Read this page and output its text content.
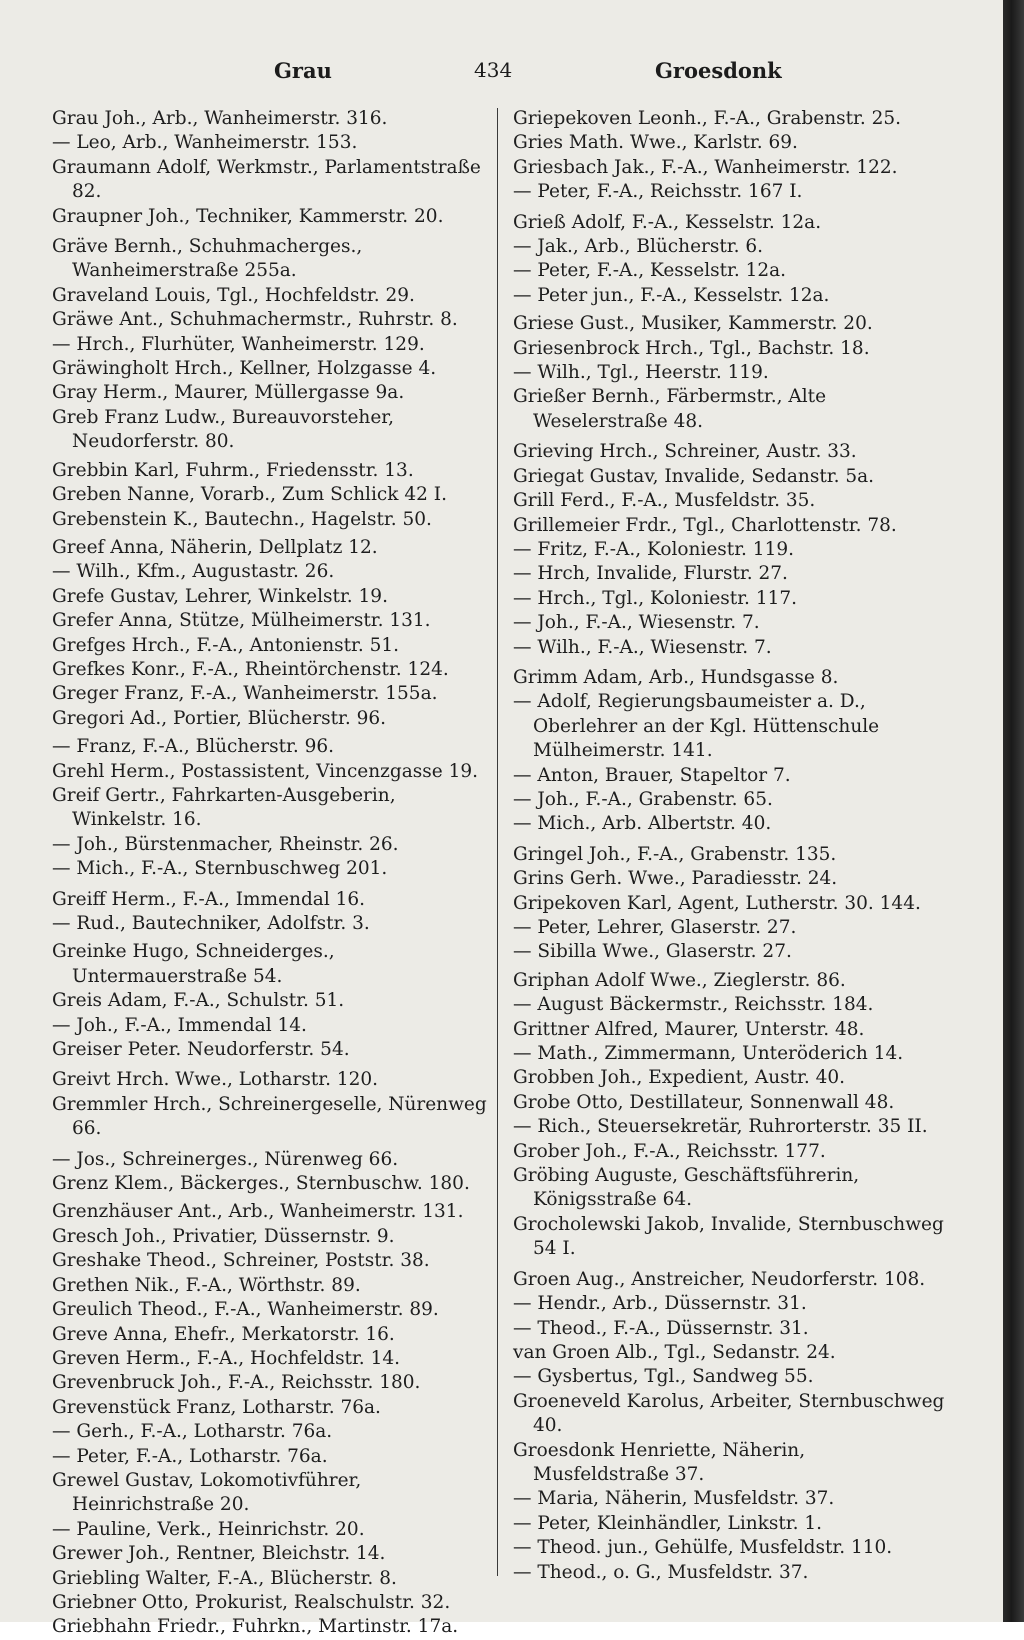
Grau	434	Groesdonk
Grau Joh., Arb., Wanheimerstr. 316.
— Leo, Arb., Wanheimerstr. 153.
Graumann Adolf, Werkmstr., Parlamentstraße 82.
Graupner Joh., Techniker, Kammerstr. 20.
Gräve Bernh., Schuhmacherges., Wanheimerstraße 255a.
Graveland Louis, Tgl., Hochfeldstr. 29.
Gräwe Ant., Schuhmachermstr., Ruhrstr. 8.
— Hrch., Flurhüter, Wanheimerstr. 129.
Gräwingholt Hrch., Kellner, Holzgasse 4.
Gray Herm., Maurer, Müllergasse 9a.
Greb Franz Ludw., Bureauvorsteher, Neudorferstr. 80.
Grebbin Karl, Fuhrm., Friedensstr. 13.
Greben Nanne, Vorarb., Zum Schlick 42 I.
Grebenstein K., Bautechn., Hagelstr. 50.
Greef Anna, Näherin, Dellplatz 12.
— Wilh., Kfm., Augustastr. 26.
Grefe Gustav, Lehrer, Winkelstr. 19.
Grefer Anna, Stütze, Mülheimerstr. 131.
Grefges Hrch., F.-A., Antonienstr. 51.
Grefkes Konr., F.-A., Rheintörchenstr. 124.
Greger Franz, F.-A., Wanheimerstr. 155a.
Gregori Ad., Portier, Blücherstr. 96.
— Franz, F.-A., Blücherstr. 96.
Grehl Herm., Postassistent, Vincenzgasse 19.
Greif Gertr., Fahrkarten-Ausgeberin, Winkelstr. 16.
— Joh., Bürstenmacher, Rheinstr. 26.
— Mich., F.-A., Sternbuschweg 201.
Greiff Herm., F.-A., Immendal 16.
— Rud., Bautechniker, Adolfstr. 3.
Greinke Hugo, Schneiderges., Untermauerstraße 54.
Greis Adam, F.-A., Schulstr. 51.
— Joh., F.-A., Immendal 14.
Greiser Peter. Neudorferstr. 54.
Greivt Hrch. Wwe., Lotharstr. 120.
Gremmler Hrch., Schreinergeselle, Nürenweg 66.
— Jos., Schreinerges., Nürenweg 66.
Grenz Klem., Bäckerges., Sternbuschw. 180.
Grenzhäuser Ant., Arb., Wanheimerstr. 131.
Gresch Joh., Privatier, Düssernstr. 9.
Greshake Theod., Schreiner, Poststr. 38.
Grethen Nik., F.-A., Wörthstr. 89.
Greulich Theod., F.-A., Wanheimerstr. 89.
Greve Anna, Ehefr., Merkatorstr. 16.
Greven Herm., F.-A., Hochfeldstr. 14.
Grevenbruck Joh., F.-A., Reichsstr. 180.
Grevenstück Franz, Lotharstr. 76a.
— Gerh., F.-A., Lotharstr. 76a.
— Peter, F.-A., Lotharstr. 76a.
Grewel Gustav, Lokomotivführer, Heinrichstraße 20.
— Pauline, Verk., Heinrichstr. 20.
Grewer Joh., Rentner, Bleichstr. 14.
Griebling Walter, F.-A., Blücherstr. 8.
Griebner Otto, Prokurist, Realschulstr. 32.
Griebhahn Friedr., Fuhrkn., Martinstr. 17a.
Griepekoven Leonh., F.-A., Grabenstr. 25.
Gries Math. Wwe., Karlstr. 69.
Griesbach Jak., F.-A., Wanheimerstr. 122.
— Peter, F.-A., Reichsstr. 167 I.
Grieß Adolf, F.-A., Kesselstr. 12a.
— Jak., Arb., Blücherstr. 6.
— Peter, F.-A., Kesselstr. 12a.
— Peter jun., F.-A., Kesselstr. 12a.
Griese Gust., Musiker, Kammerstr. 20.
Griesenbrock Hrch., Tgl., Bachstr. 18.
— Wilh., Tgl., Heerstr. 119.
Grießer Bernh., Färbermstr., Alte Weselerstraße 48.
Grieving Hrch., Schreiner, Austr. 33.
Griegat Gustav, Invalide, Sedanstr. 5a.
Grill Ferd., F.-A., Musfeldstr. 35.
Grillemeier Frdr., Tgl., Charlottenstr. 78.
— Fritz, F.-A., Koloniestr. 119.
— Hrch, Invalide, Flurstr. 27.
— Hrch., Tgl., Koloniestr. 117.
— Joh., F.-A., Wiesenstr. 7.
— Wilh., F.-A., Wiesenstr. 7.
Grimm Adam, Arb., Hundsgasse 8.
— Adolf, Regierungsbaumeister a. D., Oberlehrer an der Kgl. Hüttenschule Mülheimerstr. 141.
— Anton, Brauer, Stapeltor 7.
— Joh., F.-A., Grabenstr. 65.
— Mich., Arb. Albertstr. 40.
Gringel Joh., F.-A., Grabenstr. 135.
Grins Gerh. Wwe., Paradiesstr. 24.
Gripekoven Karl, Agent, Lutherstr. 30. 144.
— Peter, Lehrer, Glaserstr. 27.
— Sibilla Wwe., Glaserstr. 27.
Griphan Adolf Wwe., Zieglerstr. 86.
— August Bäckermstr., Reichsstr. 184.
Grittner Alfred, Maurer, Unterstr. 48.
— Math., Zimmermann, Unteröderich 14.
Grobben Joh., Expedient, Austr. 40.
Grobe Otto, Destillateur, Sonnenwall 48.
— Rich., Steuersekretär, Ruhrorterstr. 35 II.
Grober Joh., F.-A., Reichsstr. 177.
Gröbing Auguste, Geschäftsführerin, Königsstraße 64.
Grocholewski Jakob, Invalide, Sternbuschweg 54 I.
Groen Aug., Anstreicher, Neudorferstr. 108.
— Hendr., Arb., Düssernstr. 31.
— Theod., F.-A., Düssernstr. 31.
van Groen Alb., Tgl., Sedanstr. 24.
— Gysbertus, Tgl., Sandweg 55.
Groeneveld Karolus, Arbeiter, Sternbuschweg 40.
Groesdonk Henriette, Näherin, Musfeldstraße 37.
— Maria, Näherin, Musfeldstr. 37.
— Peter, Kleinhändler, Linkstr. 1.
— Theod. jun., Gehülfe, Musfeldstr. 110.
— Theod., o. G., Musfeldstr. 37.
